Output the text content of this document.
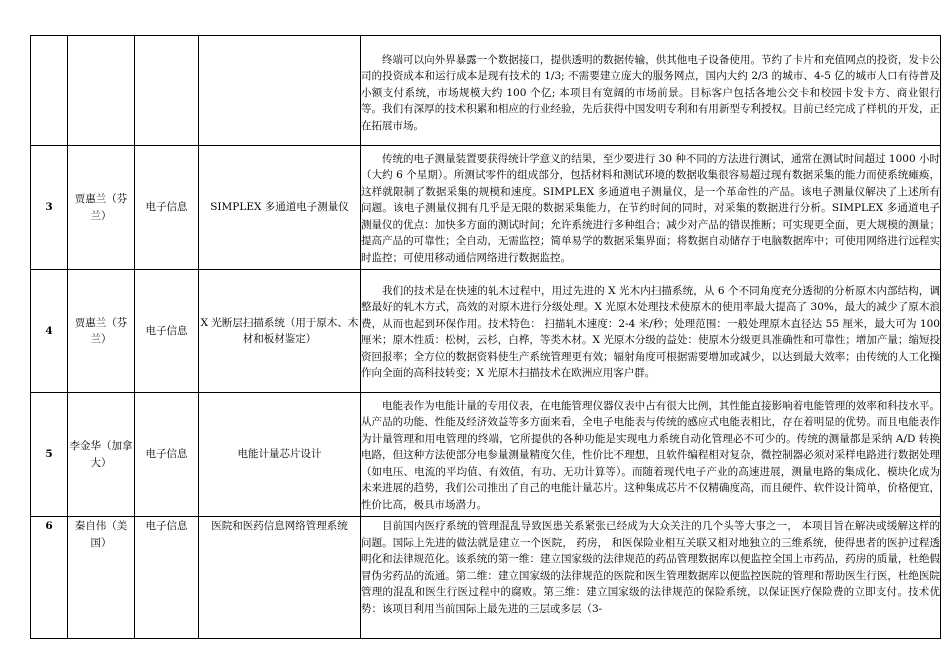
				终端可以向外界暴露一个数据接口，提供透明的数据传输，供其他电子设备使用。节约了卡片和充值网点的投资，发卡公司的投资成本和运行成本是现有技术的 1/3; 不需要建立庞大的服务网点，国内大约 2/3 的城市、4-5 亿的城市人口有待普及小额支付系统，市场规模大约 100 个亿; 本项目有宽阔的市场前景。目标客户包括各地公交卡和校园卡发卡方、商业银行等。我们有深厚的技术积累和相应的行业经验，先后获得中国发明专利和有用新型专利授权。目前已经完成了样机的开发，正在拓展市场。

3	贾惠兰（芬兰）	电子信息	SIMPLEX 多通道电子测量仪	传统的电子测量装置要获得统计学意义的结果，至少要进行 30 种不同的方法进行测试，通常在测试时间超过 1000 小时（大约 6 个星期）。所测试零件的组成部分，包括材料和测试环境的数据收集很容易超过现有数据采集的能力而使系统瘫痪，这样就限制了数据采集的规模和速度。SIMPLEX 多通道电子测量仪，是一个革命性的产品。该电子测量仪解决了上述所有问题。该电子测量仪拥有几乎是无限的数据采集能力，在节约时间的同时，对采集的数据进行分析。SIMPLEX 多通道电子测量仪的优点：加快多方面的测试时间；允许系统进行多种组合；减少对产品的错误推断；可实现更全面，更大规模的测量；提高产品的可靠性；全自动，无需监控；简单易学的数据采集界面；将数据自动储存于电脑数据库中；可使用网络进行远程实时监控；可使用移动通信网络进行数据监控。

4	贾惠兰（芬兰）	电子信息	X 光断层扫描系统（用于原木、木材和板材鉴定）	我们的技术是在快速的轧木过程中，用过先进的 X 光木内扫描系统，从 6 个不同角度充分透彻的分析原木内部结构，调整最好的轧木方式，高效的对原木进行分级处理。X 光原木处理技术使原木的使用率最大提高了 30%，最大的减少了原木浪费，从而也起到环保作用。技术特色： 扫描轧木速度：2-4 米/秒；处理范围：一般处理原木直径达 55 厘米，最大可为 100 厘米；原木性质：松树，云杉，白桦，等类木材。X 光原木分级的益处：使原木分级更具准确性和可靠性；增加产量；缩短投资回报率；全方位的数据资料使生产系统管理更有效；辐射角度可根据需要增加或减少，以达到最大效率；由传统的人工化操作向全面的高科技转变；X 光原木扫描技术在欧洲应用客户群。

5	李金华（加拿大）	电子信息	电能计量芯片设计	电能表作为电能计量的专用仪表，在电能管理仪器仪表中占有很大比例，其性能直接影响着电能管理的效率和科技水平。从产品的功能、性能及经济效益等多方面来看，全电子电能表与传统的感应式电能表相比，存在着明显的优势。而且电能表作为计量管理和用电管理的终端，它所提供的各种功能是实现电力系统自动化管理必不可少的。传统的测量都是采纳 A/D 转换电路，但这种方法使部分电参量测量精度欠佳，性价比不理想，且软件编程相对复杂，微控制器必须对采样电路进行数据处理（如电压、电流的平均值、有效值，有功、无功计算等）。而随着现代电子产业的高速进展，测量电路的集成化、模块化成为未来进展的趋势，我们公司推出了自己的电能计量芯片。这种集成芯片不仅精确度高，而且硬件、软件设计简单，价格便宜，性价比高，极具市场潜力。

6	秦自伟（美国）	电子信息	医院和医药信息网络管理系统	目前国内医疗系统的管理混乱导致医患关系紧张已经成为大众关注的几个头等大事之一， 本项目旨在解决或缓解这样的问题。国际上先进的做法就是建立一个医院， 药房， 和医保险业相互关联又相对地独立的三维系统，使得患者的医护过程透明化和法律规范化。该系统的第一维：建立国家级的法律规范的药品管理数据库以便监控全国上市药品，药房的质量，杜绝假冒伪劣药品的流通。第二维：建立国家级的法律规范的医院和医生管理数据库以便监控医院的管理和帮助医生行医，杜绝医院管理的混乱和医生行医过程中的腐败。第三维：建立国家级的法律规范的保险系统，以保证医疗保险费的立即支付。技术优势：该项目利用当前国际上最先进的三层或多层（3-
